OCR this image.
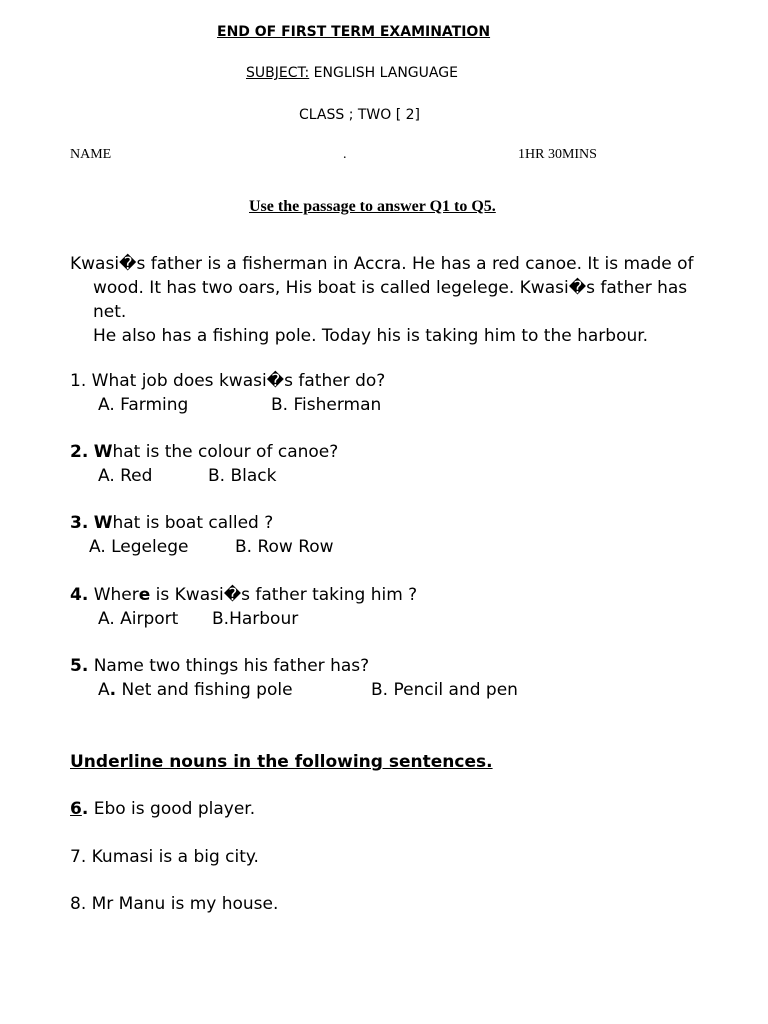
END OF FIRST TERM EXAMINATION
SUBJECT: ENGLISH LANGUAGE
CLASS ; TWO [ 2]
NAME	.	1HR 30MINS
Use the passage to answer Q1 to Q5.
Kwasi�s father is a fisherman in Accra. He has a red canoe. It is made of
wood. It has two oars, His boat is called legelege. Kwasi�s father has net.
He also has a fishing pole. Today his is taking him to the harbour.
1. What job does kwasi�s father do?
A. Farming	B. Fisherman
2. What is the colour of canoe?
A. Red	B. Black
3. What is boat called ?
A. Legelege	B. Row Row
4. Where is Kwasi�s father taking him ?
A. Airport B.Harbour
5. Name two things his father has?
A. Net and fishing pole	B. Pencil and pen
Underline nouns in the following sentences.
6. Ebo is good player.
7. Kumasi is a big city.
8. Mr Manu is my house.
